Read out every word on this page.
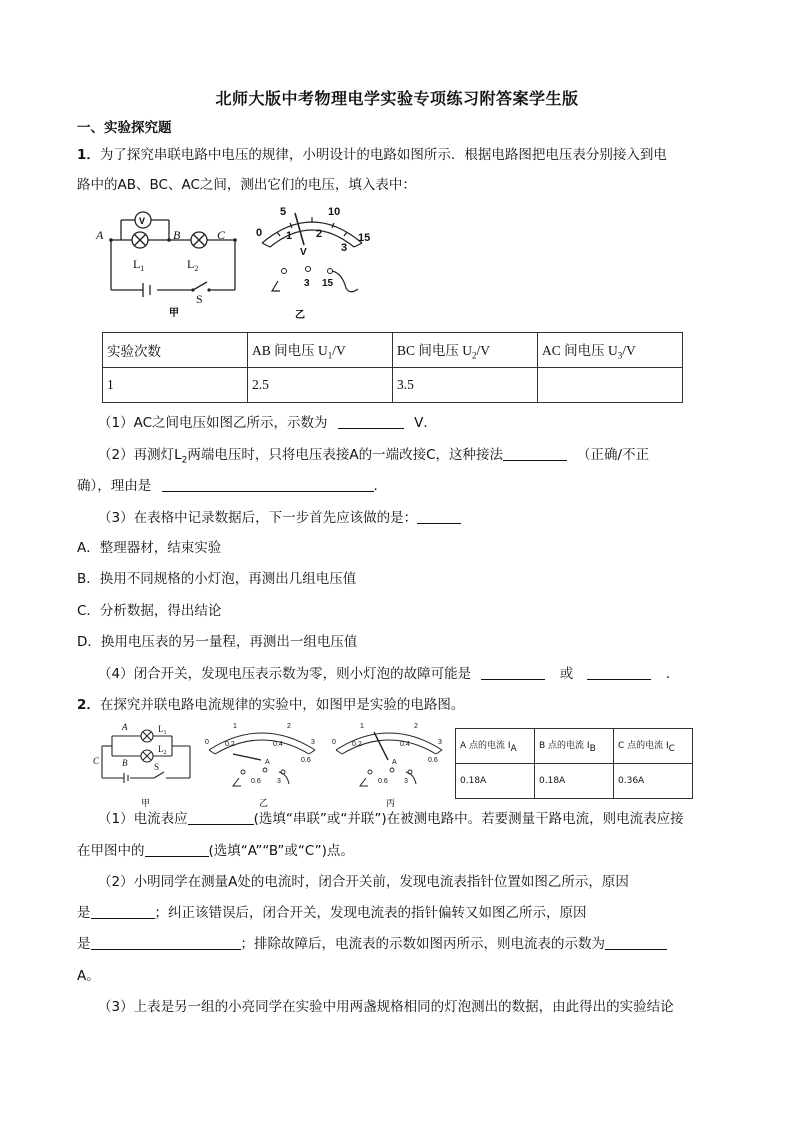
北师大版中考物理电学实验专项练习附答案学生版
一、实验探究题
1．为了探究串联电路中电压的规律，小明设计的电路如图所示．根据电路图把电压表分别接入到电
路中的AB、BC、AC之间，测出它们的电压，填入表中：
A	B	C
V
$L_1$	$L_2$
S
甲
5	10
0 1 2
3
15
V
3 15
乙
实验次数	AB 间电压 $U_1/V$	BC 间电压 $U_2/V$	AC 间电压 $U_3/V$
1	2.5	3.5	
（1）AC之间电压如图乙所示，示数为	V．
（2）再测灯$L_2$两端电压时，只将电压表接A的一端改接C，这种接法	（正确/不正
确），理由是	．
（3）在表格中记录数据后，下一步首先应该做的是：
A．整理器材，结束实验
B．换用不同规格的小灯泡，再测出几组电压值
C．分析数据，得出结论
D．换用电压表的另一量程，再测出一组电压值
（4）闭合开关，发现电压表示数为零，则小灯泡的故障可能是	或	．
2．在探究并联电路电流规律的实验中，如图甲是实验的电路图。
A
B
C
$L_1$
$L_2$
S
甲
1	2
0 0.2	0.4	3
0.6
A
0.6 3
乙
1	2
0 0.2	0.4	3
0.6
A
0.6 3
丙
A 点的电流 $I_A$	B 点的电流 $I_B$	C 点的电流 $I_C$
0.18A	0.18A	0.36A
（1）电流表应	(选填“串联”或“并联”)在被测电路中。若要测量干路电流，则电流表应接
在甲图中的	(选填“A”“B”或“C”)点。
（2）小明同学在测量A处的电流时，闭合开关前，发现电流表指针位置如图乙所示，原因
是	；纠正该错误后，闭合开关，发现电流表的指针偏转又如图乙所示，原因
是	；排除故障后，电流表的示数如图丙所示，则电流表的示数为
A。
（3）上表是另一组的小亮同学在实验中用两盏规格相同的灯泡测出的数据，由此得出的实验结论
